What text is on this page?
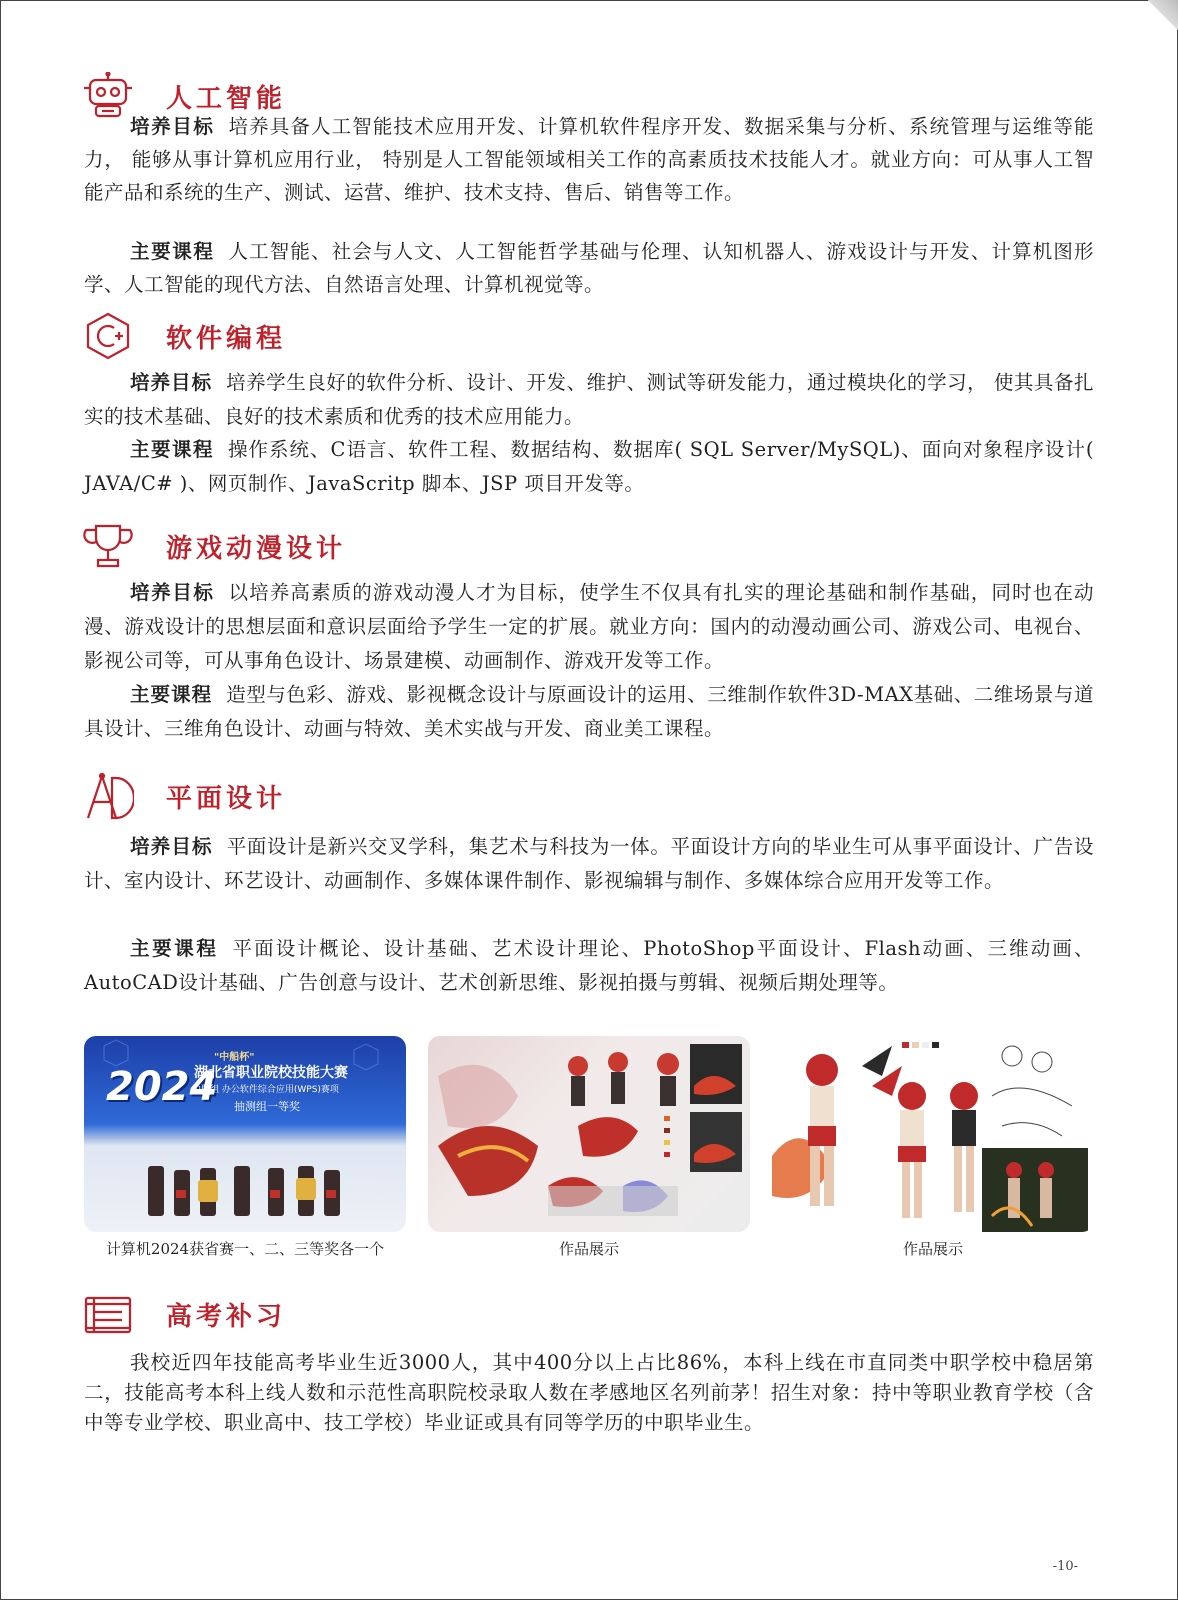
人工智能

培养目标 培养具备人工智能技术应用开发、计算机软件程序开发、数据采集与分析、系统管理与运维等能力， 能够从事计算机应用行业， 特别是人工智能领域相关工作的高素质技术技能人才。就业方向：可从事人工智能产品和系统的生产、测试、运营、维护、技术支持、售后、销售等工作。

主要课程 人工智能、社会与人文、人工智能哲学基础与伦理、认知机器人、游戏设计与开发、计算机图形学、人工智能的现代方法、自然语言处理、计算机视觉等。

软件编程

培养目标 培养学生良好的软件分析、设计、开发、维护、测试等研发能力，通过模块化的学习， 使其具备扎实的技术基础、良好的技术素质和优秀的技术应用能力。

主要课程 操作系统、C语言、软件工程、数据结构、数据库( SQL Server/MySQL)、面向对象程序设计( JAVA/C# )、网页制作、JavaScritp 脚本、JSP 项目开发等。

游戏动漫设计

培养目标 以培养高素质的游戏动漫人才为目标，使学生不仅具有扎实的理论基础和制作基础，同时也在动漫、游戏设计的思想层面和意识层面给予学生一定的扩展。就业方向：国内的动漫动画公司、游戏公司、电视台、影视公司等，可从事角色设计、场景建模、动画制作、游戏开发等工作。

主要课程 造型与色彩、游戏、影视概念设计与原画设计的运用、三维制作软件3D-MAX基础、二维场景与道具设计、三维角色设计、动画与特效、美术实战与开发、商业美工课程。

平面设计

培养目标 平面设计是新兴交叉学科，集艺术与科技为一体。平面设计方向的毕业生可从事平面设计、广告设计、室内设计、环艺设计、动画制作、多媒体课件制作、影视编辑与制作、多媒体综合应用开发等工作。

主要课程 平面设计概论、设计基础、艺术设计理论、PhotoShop平面设计、Flash动画、三维动画、AutoCAD设计基础、广告创意与设计、艺术创新思维、影视拍摄与剪辑、视频后期处理等。

2024
"中船杯"
湖北省职业院校技能大赛
中职组 办公软件综合应用(WPS)赛项
抽测组一等奖
计算机2024获省赛一、二、三等奖各一个	作品展示	作品展示
高考补习

我校近四年技能高考毕业生近3000人，其中400分以上占比86%，本科上线在市直同类中职学校中稳居第二，技能高考本科上线人数和示范性高职院校录取人数在孝感地区名列前茅！招生对象：持中等职业教育学校（含中等专业学校、职业高中、技工学校）毕业证或具有同等学历的中职毕业生。

-10-
